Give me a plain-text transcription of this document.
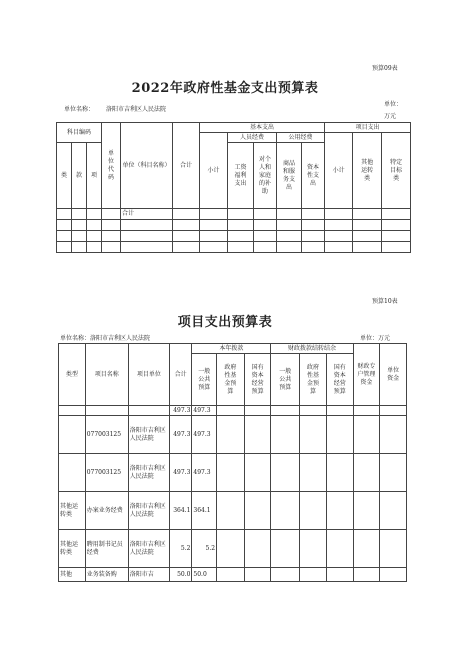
预算09表
2022年政府性基金支出预算表
单位名称： 洛阳市吉利区人民法院
单位：
万元
科目编码			单位代码	单位（科目名称）	合计	基本支出					项目支出		
						小计	人员经费		公用经费		小计	其他运转类	特定目标类

类	款	项					工资福利支出	对个人和家庭的补助	商品和服务支出	资本性支出			

				合计									

预算10表
项目支出预算表
单位名称：洛阳市吉利区人民法院	单位：万元
类型	项目名称	项目单位	合计	本年拨款			财政拨款结转结余			财政专户管理资金	单位资金

				一般公共预算	政府性基金预算	国有资本经营预算	一般公共预算	政府性基金预算	国有资本经营预算		

			497.3	497.3							
	077003125	洛阳市吉利区人民法院	497.3	497.3							
	077003125	洛阳市吉利区人民法院	497.3	497.3							
其他运转类	办案业务经费	洛阳市吉利区人民法院	364.1	364.1							
其他运转类	聘用制书记员经费	洛阳市吉利区人民法院	5.2	5.2							
其他	业务装备购	洛阳市吉	50.0	50.0							
